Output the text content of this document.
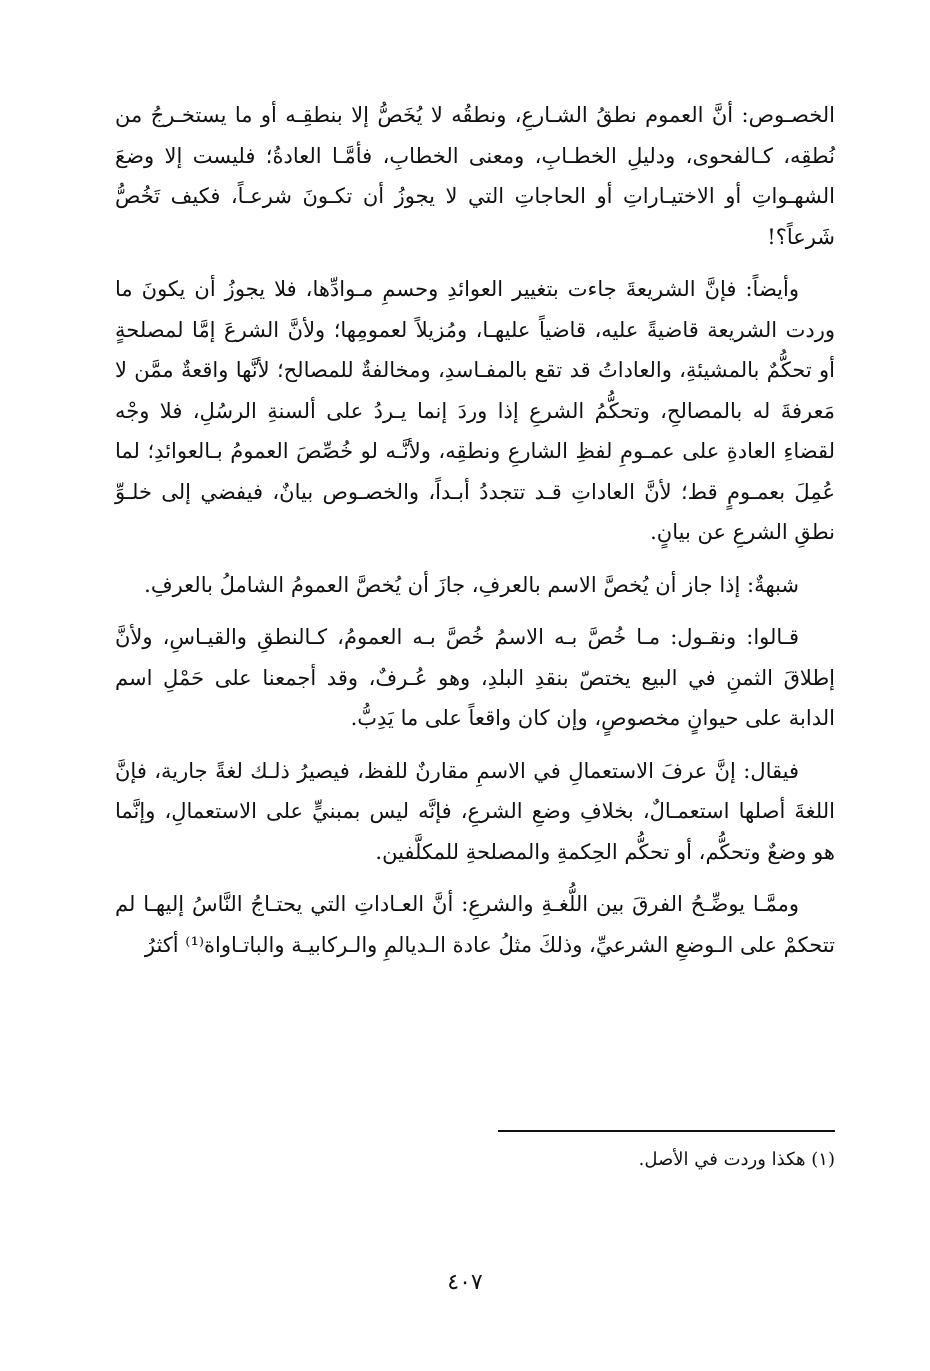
الخصـوص: أنَّ العموم نطقُ الشـارعِ، ونطقُه لا يُخَصُّ إلا بنطقِـه أو ما يستخـرجُ من نُطقِه، كـالفحوى، ودليلِ الخطـابِ، ومعنى الخطابِ، فأمَّـا العادةُ؛ فليست إلا وضعَ الشهـواتِ أو الاختيـاراتِ أو الحاجاتِ التي لا يجوزُ أن تكـونَ شرعـاً، فكيف تَخُصُّ شَرعاً؟!

وأيضاً: فإنَّ الشريعةَ جاءت بتغيير العوائدِ وحسمِ مـوادِّها، فلا يجوزُ أن يكونَ ما وردت الشريعة قاضيةً عليه، قاضياً عليهـا، ومُزيلاً لعمومِها؛ ولأنَّ الشرعَ إمَّا لمصلحةٍ أو تحكُّمٌ بالمشيئةِ، والعاداتُ قد تقع بالمفـاسدِ، ومخالفةٌ للمصالح؛ لأنَّها واقعةٌ ممَّن لا مَعرفةَ له بالمصالحِ، وتحكُّمُ الشرعِ إذا وردَ إنما يـردُ على ألسنةِ الرسُلِ، فلا وجْه لقضاءِ العادةِ على عمـومِ لفظِ الشارعِ ونطقِه، ولأنَّـه لو خُصِّصَ العمومُ بـالعوائدِ؛ لما عُمِلَ بعمـومٍ قط؛ لأنَّ العاداتِ قـد تتجددُ أبـداً، والخصـوص بيانٌ، فيفضي إلى خلـوِّ نطقِ الشرعِ عن بيانٍ.

شبهةٌ: إذا جاز أن يُخصَّ الاسم بالعرفِ، جازَ أن يُخصَّ العمومُ الشاملُ بالعرفِ.

قـالوا: ونقـول: مـا خُصَّ بـه الاسمُ خُصَّ بـه العمومُ، كـالنطقِ والقيـاسِ، ولأنَّ إطلاقَ الثمنِ في البيع يختصّ بنقدِ البلدِ، وهو عُـرفٌ، وقد أجمعنا على حَمْلِ اسم الدابة على حيوانٍ مخصوصٍ، وإن كان واقعاً على ما يَدِبُّ.

فيقال: إنَّ عرفَ الاستعمالِ في الاسمِ مقارنٌ للفظ، فيصيرُ ذلـك لغةً جارية، فإنَّ اللغةَ أصلها استعمـالٌ، بخلافِ وضعِ الشرعِ، فإنَّه ليس بمبنيٍّ على الاستعمالِ، وإنَّما هو وضعٌ وتحكُّم، أو تحكُّم الحِكمةِ والمصلحةِ للمكلَّفين.

وممَّـا يوضِّـحُ الفرقَ بين اللُّغـةِ والشرعِ: أنَّ العـاداتِ التي يحتـاجُ النَّاسُ إليهـا لم تتحكمْ على الـوضعِ الشرعيِّ، وذلكَ مثلُ عادة الـديالمِ والـركابيـة والباتـاواة⁽¹⁾ أكثرُ

(١) هكذا وردت في الأصل.
٤٠٧
